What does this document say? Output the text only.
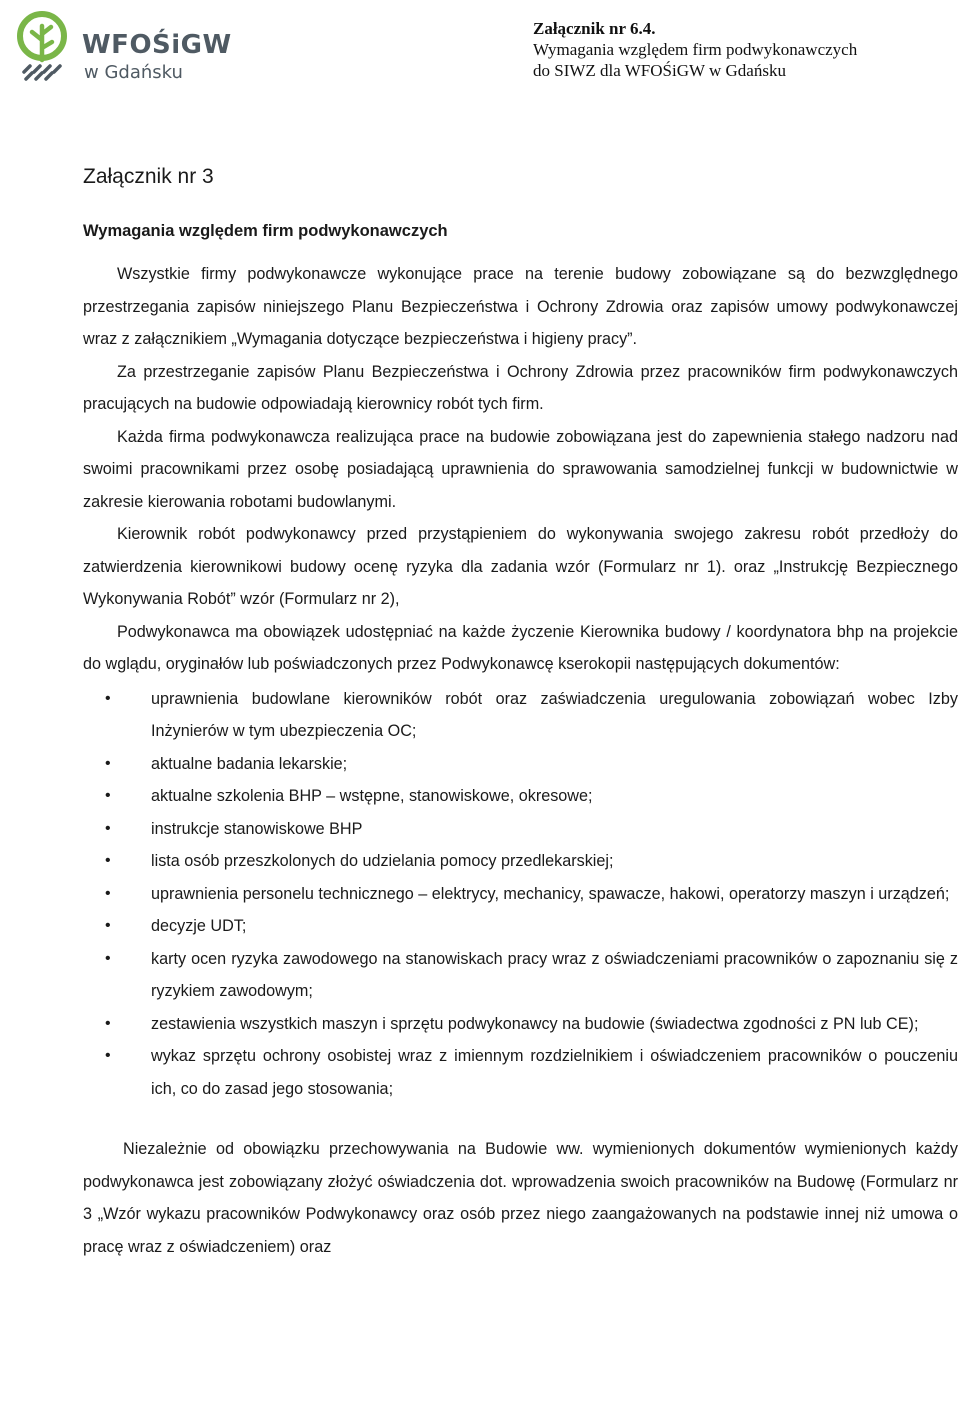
WFOŚiGW
w Gdańsku
Załącznik nr 6.4.
Wymagania względem firm podwykonawczych
do SIWZ dla WFOŚiGW w Gdańsku
Załącznik nr 3
Wymagania względem firm podwykonawczych

Wszystkie firmy podwykonawcze wykonujące prace na terenie budowy zobowiązane są do bezwzględnego przestrzegania zapisów niniejszego Planu Bezpieczeństwa i Ochrony Zdrowia oraz zapisów umowy podwykonawczej wraz z załącznikiem „Wymagania dotyczące bezpieczeństwa i higieny pracy”.

Za przestrzeganie zapisów Planu Bezpieczeństwa i Ochrony Zdrowia przez pracowników firm podwykonawczych pracujących na budowie odpowiadają kierownicy robót tych firm.

Każda firma podwykonawcza realizująca prace na budowie zobowiązana jest do zapewnienia stałego nadzoru nad swoimi pracownikami przez osobę posiadającą uprawnienia do sprawowania samodzielnej funkcji w budownictwie w zakresie kierowania robotami budowlanymi.

Kierownik robót podwykonawcy przed przystąpieniem do wykonywania swojego zakresu robót przedłoży do zatwierdzenia kierownikowi budowy ocenę ryzyka dla zadania wzór (Formularz nr 1). oraz „Instrukcję Bezpiecznego Wykonywania Robót” wzór (Formularz nr 2),

Podwykonawca ma obowiązek udostępniać na każde życzenie Kierownika budowy / koordynatora bhp na projekcie do wglądu, oryginałów lub poświadczonych przez Podwykonawcę kserokopii następujących dokumentów:

• uprawnienia budowlane kierowników robót oraz zaświadczenia uregulowania zobowiązań wobec Izby Inżynierów w tym ubezpieczenia OC;
• aktualne badania lekarskie;
• aktualne szkolenia BHP – wstępne, stanowiskowe, okresowe;
• instrukcje stanowiskowe BHP
• lista osób przeszkolonych do udzielania pomocy przedlekarskiej;
• uprawnienia personelu technicznego – elektrycy, mechanicy, spawacze, hakowi, operatorzy maszyn i urządzeń;
• decyzje UDT;
• karty ocen ryzyka zawodowego na stanowiskach pracy wraz z oświadczeniami pracowników o zapoznaniu się z ryzykiem zawodowym;
• zestawienia wszystkich maszyn i sprzętu podwykonawcy na budowie (świadectwa zgodności z PN lub CE);
• wykaz sprzętu ochrony osobistej wraz z imiennym rozdzielnikiem i oświadczeniem pracowników o pouczeniu ich, co do zasad jego stosowania;

Niezależnie od obowiązku przechowywania na Budowie ww. wymienionych dokumentów wymienionych każdy podwykonawca jest zobowiązany złożyć oświadczenia dot. wprowadzenia swoich pracowników na Budowę (Formularz nr 3 „Wzór wykazu pracowników Podwykonawcy oraz osób przez niego zaangażowanych na podstawie innej niż umowa o pracę wraz z oświadczeniem) oraz
